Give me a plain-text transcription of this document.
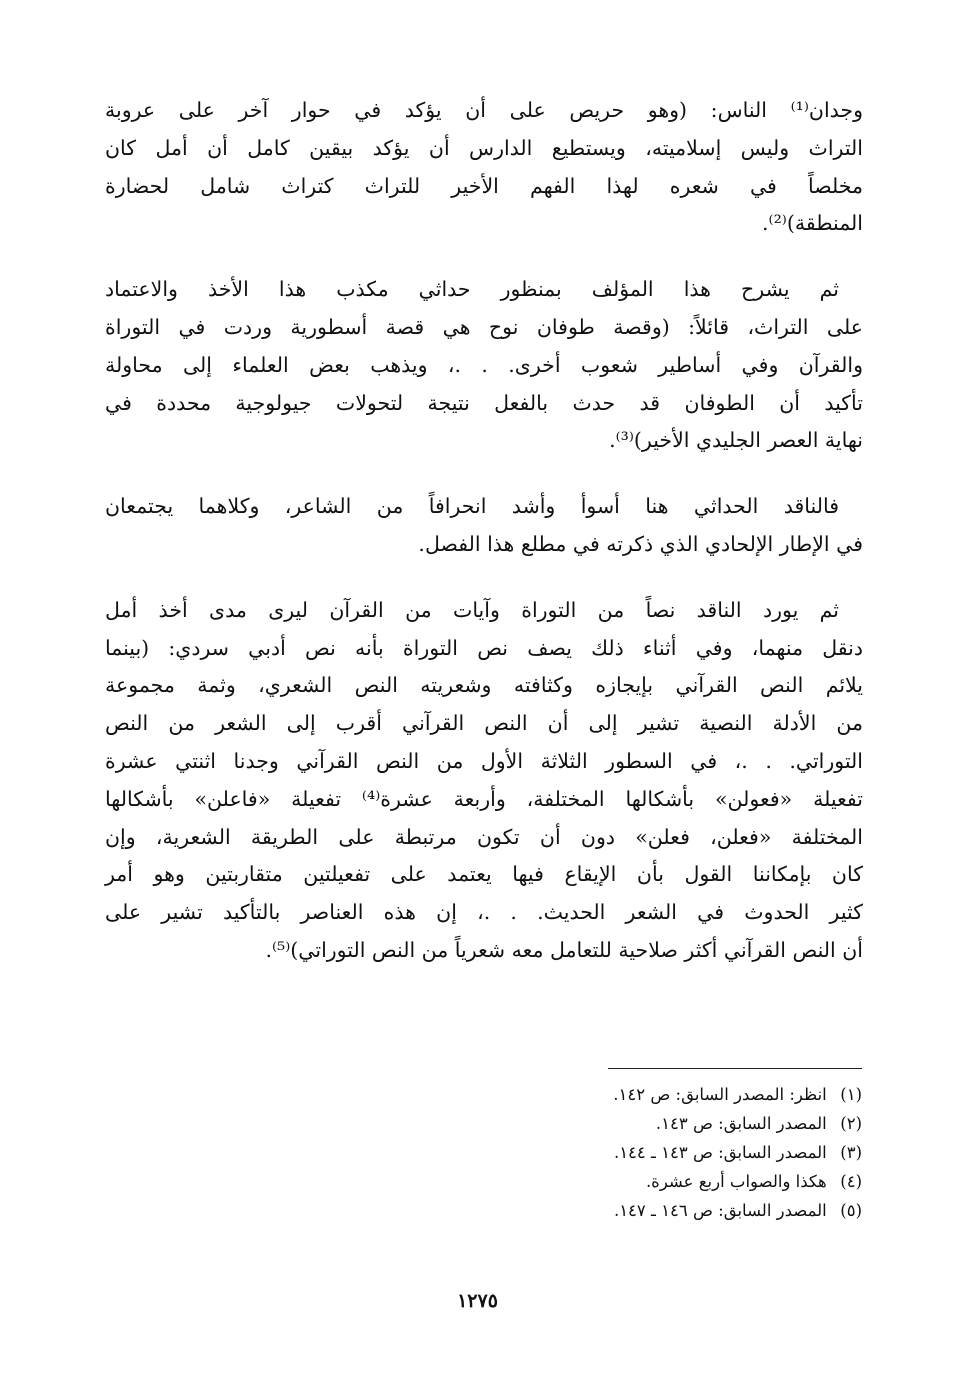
وجدان⁽¹⁾ الناس: (وهو حريص على أن يؤكد في حوار آخر على عروبة
التراث وليس إسلاميته، ويستطيع الدارس أن يؤكد بيقين كامل أن أمل كان
مخلصاً في شعره لهذا الفهم الأخير للتراث كتراث شامل لحضارة
المنطقة)⁽²⁾.

ثم يشرح هذا المؤلف بمنظور حداثي مكذب هذا الأخذ والاعتماد
على التراث، قائلاً: (وقصة طوفان نوح هي قصة أسطورية وردت في التوراة
والقرآن وفي أساطير شعوب أخرى. . .، ويذهب بعض العلماء إلى محاولة
تأكيد أن الطوفان قد حدث بالفعل نتيجة لتحولات جيولوجية محددة في
نهاية العصر الجليدي الأخير)⁽³⁾.

فالناقد الحداثي هنا أسوأ وأشد انحرافاً من الشاعر، وكلاهما يجتمعان
في الإطار الإلحادي الذي ذكرته في مطلع هذا الفصل.

ثم يورد الناقد نصاً من التوراة وآيات من القرآن ليرى مدى أخذ أمل
دنقل منهما، وفي أثناء ذلك يصف نص التوراة بأنه نص أدبي سردي: (بينما
يلائم النص القرآني بإيجازه وكثافته وشعريته النص الشعري، وثمة مجموعة
من الأدلة النصية تشير إلى أن النص القرآني أقرب إلى الشعر من النص
التوراتي. . .، في السطور الثلاثة الأول من النص القرآني وجدنا اثنتي عشرة
تفعيلة «فعولن» بأشكالها المختلفة، وأربعة عشرة⁽⁴⁾ تفعيلة «فاعلن» بأشكالها
المختلفة «فعلن، فعلن» دون أن تكون مرتبطة على الطريقة الشعرية، وإن
كان بإمكاننا القول بأن الإيقاع فيها يعتمد على تفعيلتين متقاربتين وهو أمر
كثير الحدوث في الشعر الحديث. . .، إن هذه العناصر بالتأكيد تشير على
أن النص القرآني أكثر صلاحية للتعامل معه شعرياً من النص التوراتي)⁽⁵⁾.

(١) انظر: المصدر السابق: ص ١٤٢.
(٢) المصدر السابق: ص ١٤٣.
(٣) المصدر السابق: ص ١٤٣ ـ ١٤٤.
(٤) هكذا والصواب أربع عشرة.
(٥) المصدر السابق: ص ١٤٦ ـ ١٤٧.
١٢٧٥
